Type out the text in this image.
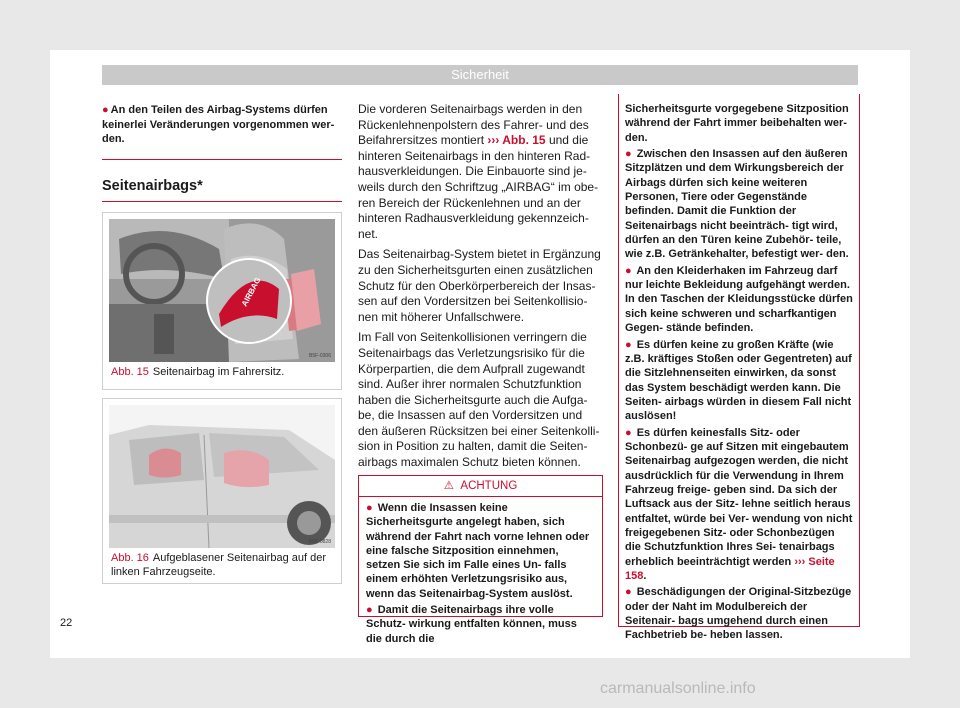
Sicherheit
● An den Teilen des Airbag-Systems dürfen keinerlei Veränderungen vorgenommen wer- den.
Seitenairbags*
AIRBAG
B5F-0306
Abb. 15 Seitenairbag im Fahrersitz.
B5P-0828
Abb. 16 Aufgeblasener Seitenairbag auf der linken Fahrzeugseite.

Die vorderen Seitenairbags werden in den Rückenlehnenpolstern des Fahrer- und des Beifahrersitzes montiert ››› Abb. 15 und die hinteren Seitenairbags in den hinteren Rad- hausverkleidungen. Die Einbauorte sind je- weils durch den Schriftzug „AIRBAG“ im obe- ren Bereich der Rückenlehnen und an der hinteren Radhausverkleidung gekennzeich- net.

Das Seitenairbag-System bietet in Ergänzung zu den Sicherheitsgurten einen zusätzlichen Schutz für den Oberkörperbereich der Insas- sen auf den Vordersitzen bei Seitenkollisio- nen mit höherer Unfallschwere.

Im Fall von Seitenkollisionen verringern die Seitenairbags das Verletzungsrisiko für die Körperpartien, die dem Aufprall zugewandt sind. Außer ihrer normalen Schutzfunktion haben die Sicherheitsgurte auch die Aufga- be, die Insassen auf den Vordersitzen und den äußeren Rücksitzen bei einer Seitenkolli- sion in Position zu halten, damit die Seiten- airbags maximalen Schutz bieten können.

⚠ ACHTUNG
● Wenn die Insassen keine Sicherheitsgurte angelegt haben, sich während der Fahrt nach vorne lehnen oder eine falsche Sitzposition einnehmen, setzen Sie sich im Falle eines Un- falls einem erhöhten Verletzungsrisiko aus, wenn das Seitenairbag-System auslöst.
● Damit die Seitenairbags ihre volle Schutz- wirkung entfalten können, muss die durch die

Sicherheitsgurte vorgegebene Sitzposition während der Fahrt immer beibehalten wer- den.

● Zwischen den Insassen auf den äußeren Sitzplätzen und dem Wirkungsbereich der Airbags dürfen sich keine weiteren Personen, Tiere oder Gegenstände befinden. Damit die Funktion der Seitenairbags nicht beeinträch- tigt wird, dürfen an den Türen keine Zubehör- teile, wie z.B. Getränkehalter, befestigt wer- den.

● An den Kleiderhaken im Fahrzeug darf nur leichte Bekleidung aufgehängt werden. In den Taschen der Kleidungsstücke dürfen sich keine schweren und scharfkantigen Gegen- stände befinden.

● Es dürfen keine zu großen Kräfte (wie z.B. kräftiges Stoßen oder Gegentreten) auf die Sitzlehnenseiten einwirken, da sonst das System beschädigt werden kann. Die Seiten- airbags würden in diesem Fall nicht auslösen!

● Es dürfen keinesfalls Sitz- oder Schonbezü- ge auf Sitzen mit eingebautem Seitenairbag aufgezogen werden, die nicht ausdrücklich für die Verwendung in Ihrem Fahrzeug freige- geben sind. Da sich der Luftsack aus der Sitz- lehne seitlich heraus entfaltet, würde bei Ver- wendung von nicht freigegebenen Sitz- oder Schonbezügen die Schutzfunktion Ihres Sei- tenairbags erheblich beeinträchtigt werden ››› Seite 158.

● Beschädigungen der Original-Sitzbezüge oder der Naht im Modulbereich der Seitenair- bags umgehend durch einen Fachbetrieb be- heben lassen.

22
carmanualsonline.info
